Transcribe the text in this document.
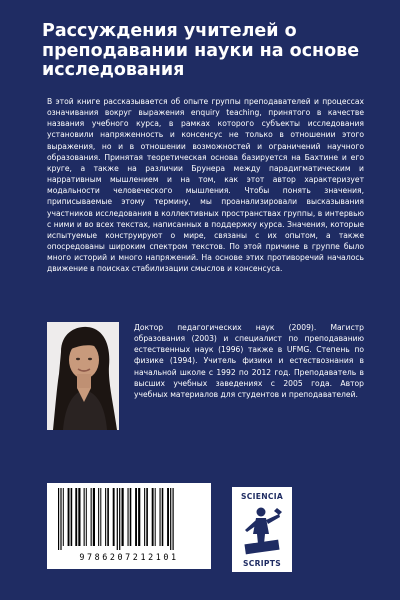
Рассуждения учителей о преподавании науки на основе исследования

В этой книге рассказывается об опыте группы преподавателей и процессах означивания вокруг выражения enquiry teaching, принятого в качестве названия учебного курса, в рамках которого субъекты исследования установили напряженность и консенсус не только в отношении этого выражения, но и в отношении возможностей и ограничений научного образования. Принятая теоретическая основа базируется на Бахтине и его круге, а также на различии Брунера между парадигматическим и нарративным мышлением и на том, как этот автор характеризует модальности человеческого мышления. Чтобы понять значения, приписываемые этому термину, мы проанализировали высказывания участников исследования в коллективных пространствах группы, в интервью с ними и во всех текстах, написанных в поддержку курса. Значения, которые испытуемые конструируют о мире, связаны с их опытом, а также опосредованы широким спектром текстов. По этой причине в группе было много историй и много напряжений. На основе этих противоречий началось движение в поисках стабилизации смыслов и консенсуса.

Доктор педагогических наук (2009). Магистр образования (2003) и специалист по преподаванию естественных наук (1996) также в UFMG. Степень по физике (1994). Учитель физики и естествознания в начальной школе с 1992 по 2012 год. Преподаватель в высших учебных заведениях с 2005 года. Автор учебных материалов для студентов и преподавателей.

9786207212101
SCIENCIA
SCRIPTS
